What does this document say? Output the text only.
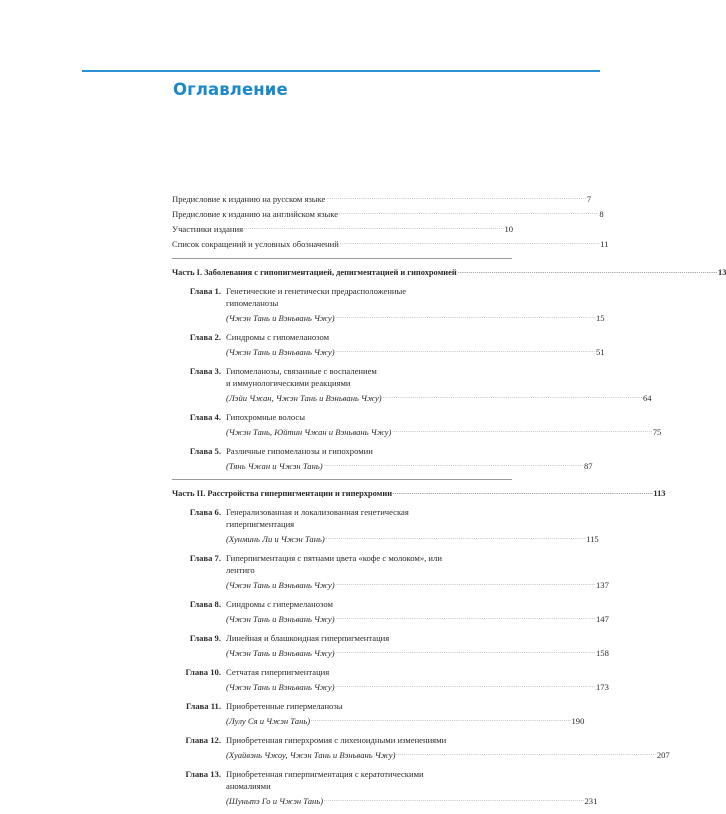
Оглавление
Предисловие к изданию на русском языке . . .	7
Предисловие к изданию на английском языке . . .	8
Участники издания . . .	10
Список сокращений и условных обозначений . . .	11
Часть I. Заболевания с гипопигментацией, депигментацией и гипохромией . . .	13
Глава 1. Генетические и генетически предрасположенные
гипомеланозы
(Чжэн Тань и Вэньвань Чжу) . . .	15
Глава 2. Синдромы с гипомеланозом
(Чжэн Тань и Вэньвань Чжу) . . .	51
Глава 3. Гипомеланозы, связанные с воспалением
и иммунологическими реакциями
(Лэйи Чжан, Чжэн Тань и Вэньвань Чжу) . . .	64
Глава 4. Гипохромные волосы
(Чжэн Тань, Юйтин Чжан и Вэньвань Чжу) . . .	75
Глава 5. Различные гипомеланозы и гипохромии
(Тянь Чжан и Чжэн Тань) . . .	87
Часть II. Расстройства гиперпигментации и гиперхромии . . .	113
Глава 6. Генерализованная и локализованная генетическая
гиперпигментация
(Хунминь Ли и Чжэн Тань) . . .	115
Глава 7. Гиперпигментация с пятнами цвета «кофе с молоком», или
лентиго
(Чжэн Тань и Вэньвань Чжу) . . .	137
Глава 8. Синдромы с гипермеланозом
(Чжэн Тань и Вэньвань Чжу) . . .	147
Глава 9. Линейная и блашкоидная гиперпигментация
(Чжэн Тань и Вэньвань Чжу) . . .	158
Глава 10. Сетчатая гиперпигментация
(Чжэн Тань и Вэньвань Чжу) . . .	173
Глава 11. Приобретенные гипермеланозы
(Лулу Ся и Чжэн Тань) . . .	190
Глава 12. Приобретенная гиперхромия с лихеноидными изменениями
(Хуайвэнь Чжоу, Чжэн Тань и Вэньвань Чжу) . . .	207
Глава 13. Приобретенная гиперпигментация с кератотическими
аномалиями
(Шуньтэ Го и Чжэн Тань) . . .	231
